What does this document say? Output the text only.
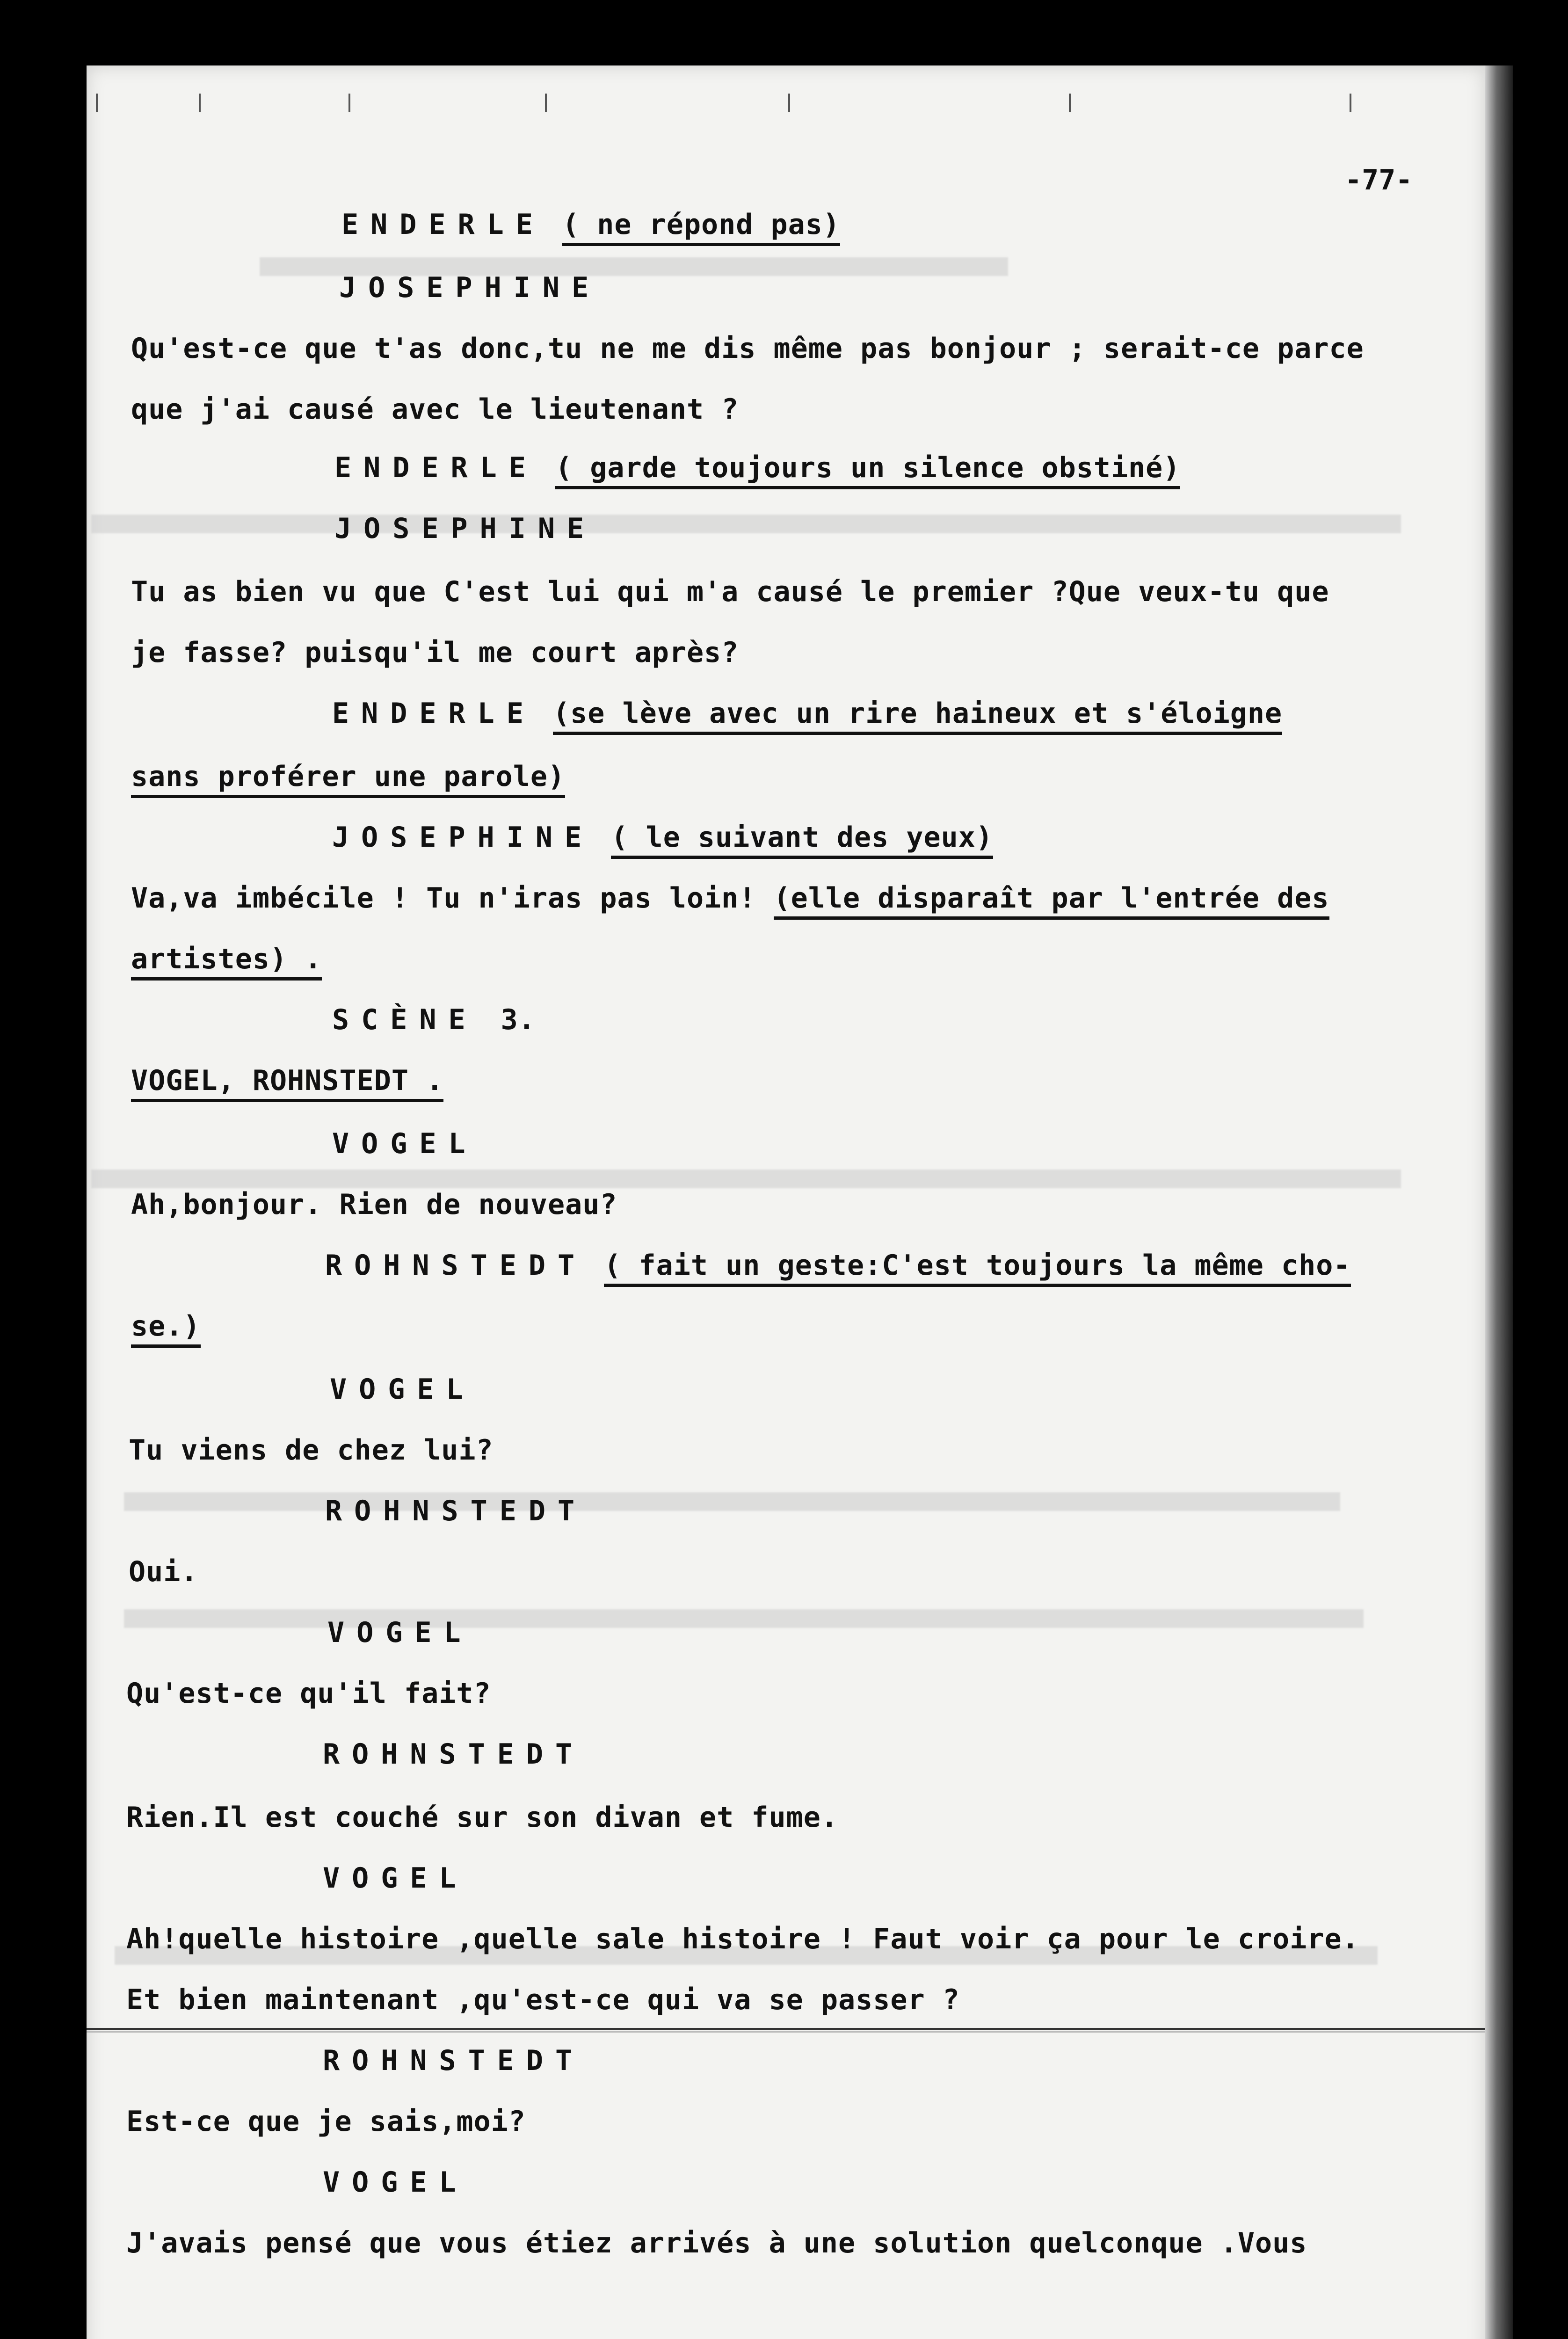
-77-
ENDERLE ( ne répond pas)
JOSEPHINE
Qu'est-ce que t'as donc,tu ne me dis même pas bonjour ; serait-ce parce
que j'ai causé avec le lieutenant ?
ENDERLE ( garde toujours un silence obstiné)
JOSEPHINE
Tu as bien vu que C'est lui qui m'a causé le premier ?Que veux-tu que
je fasse? puisqu'il me court après?
ENDERLE (se lève avec un rire haineux et s'éloigne
sans proférer une parole)
JOSEPHINE ( le suivant des yeux)
Va,va imbécile ! Tu n'iras pas loin! (elle disparaît par l'entrée des
artistes) .
SCÈNE 3.
VOGEL, ROHNSTEDT .
VOGEL
Ah,bonjour. Rien de nouveau?
ROHNSTEDT ( fait un geste:C'est toujours la même cho-
se.)
VOGEL
Tu viens de chez lui?
ROHNSTEDT
Oui.
VOGEL
Qu'est-ce qu'il fait?
ROHNSTEDT
Rien.Il est couché sur son divan et fume.
VOGEL
Ah!quelle histoire ,quelle sale histoire ! Faut voir ça pour le croire.
Et bien maintenant ,qu'est-ce qui va se passer ?
ROHNSTEDT
Est-ce que je sais,moi?
VOGEL
J'avais pensé que vous étiez arrivés à une solution quelconque .Vous
